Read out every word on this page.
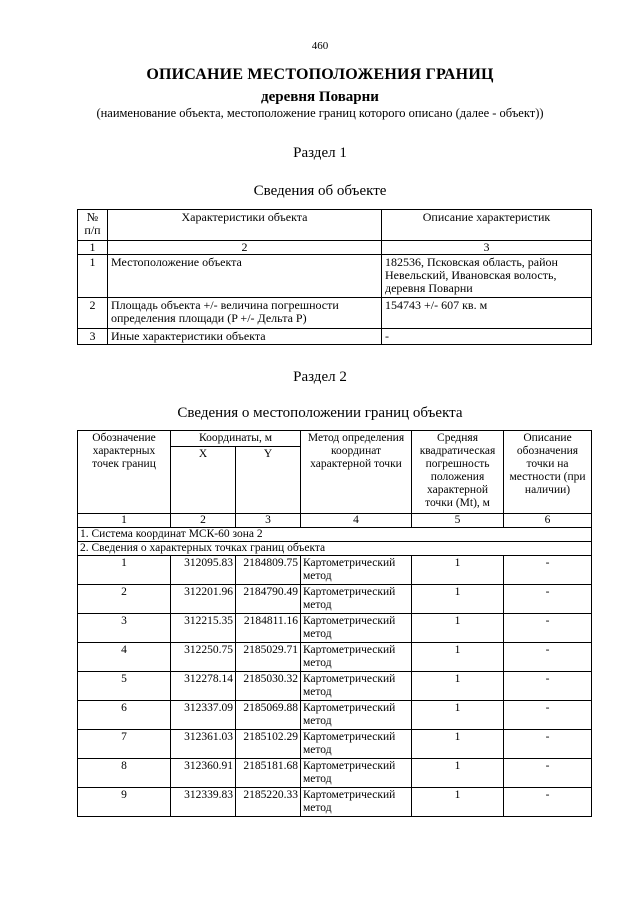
460
ОПИСАНИЕ МЕСТОПОЛОЖЕНИЯ ГРАНИЦ
деревня Поварни
(наименование объекта, местоположение границ которого описано (далее - объект))
Раздел 1
Сведения об объекте
№ п/п	Характеристики объекта	Описание характеристик
1	2	3
1	Местоположение объекта	182536, Псковская область, район Невельский, Ивановская волость, деревня Поварни
2	Площадь объекта +/- величина погрешности определения площади (P +/- Дельта P)	154743 +/- 607 кв. м
3	Иные характеристики объекта	-
Раздел 2
Сведения о местоположении границ объекта
Обозначение характерных точек границ	Координаты, м		Метод определения координат характерной точки	Средняя квадратическая погрешность положения характерной точки (Mt), м	Описание обозначения точки на местности (при наличии)
	X	Y			
1	2	3	4	5	6
1. Система координат МСК-60 зона 2					
2. Сведения о характерных точках границ объекта					
1	312095.83	2184809.75	Картометрический метод	1	-
2	312201.96	2184790.49	Картометрический метод	1	-
3	312215.35	2184811.16	Картометрический метод	1	-
4	312250.75	2185029.71	Картометрический метод	1	-
5	312278.14	2185030.32	Картометрический метод	1	-
6	312337.09	2185069.88	Картометрический метод	1	-
7	312361.03	2185102.29	Картометрический метод	1	-
8	312360.91	2185181.68	Картометрический метод	1	-
9	312339.83	2185220.33	Картометрический метод	1	-
